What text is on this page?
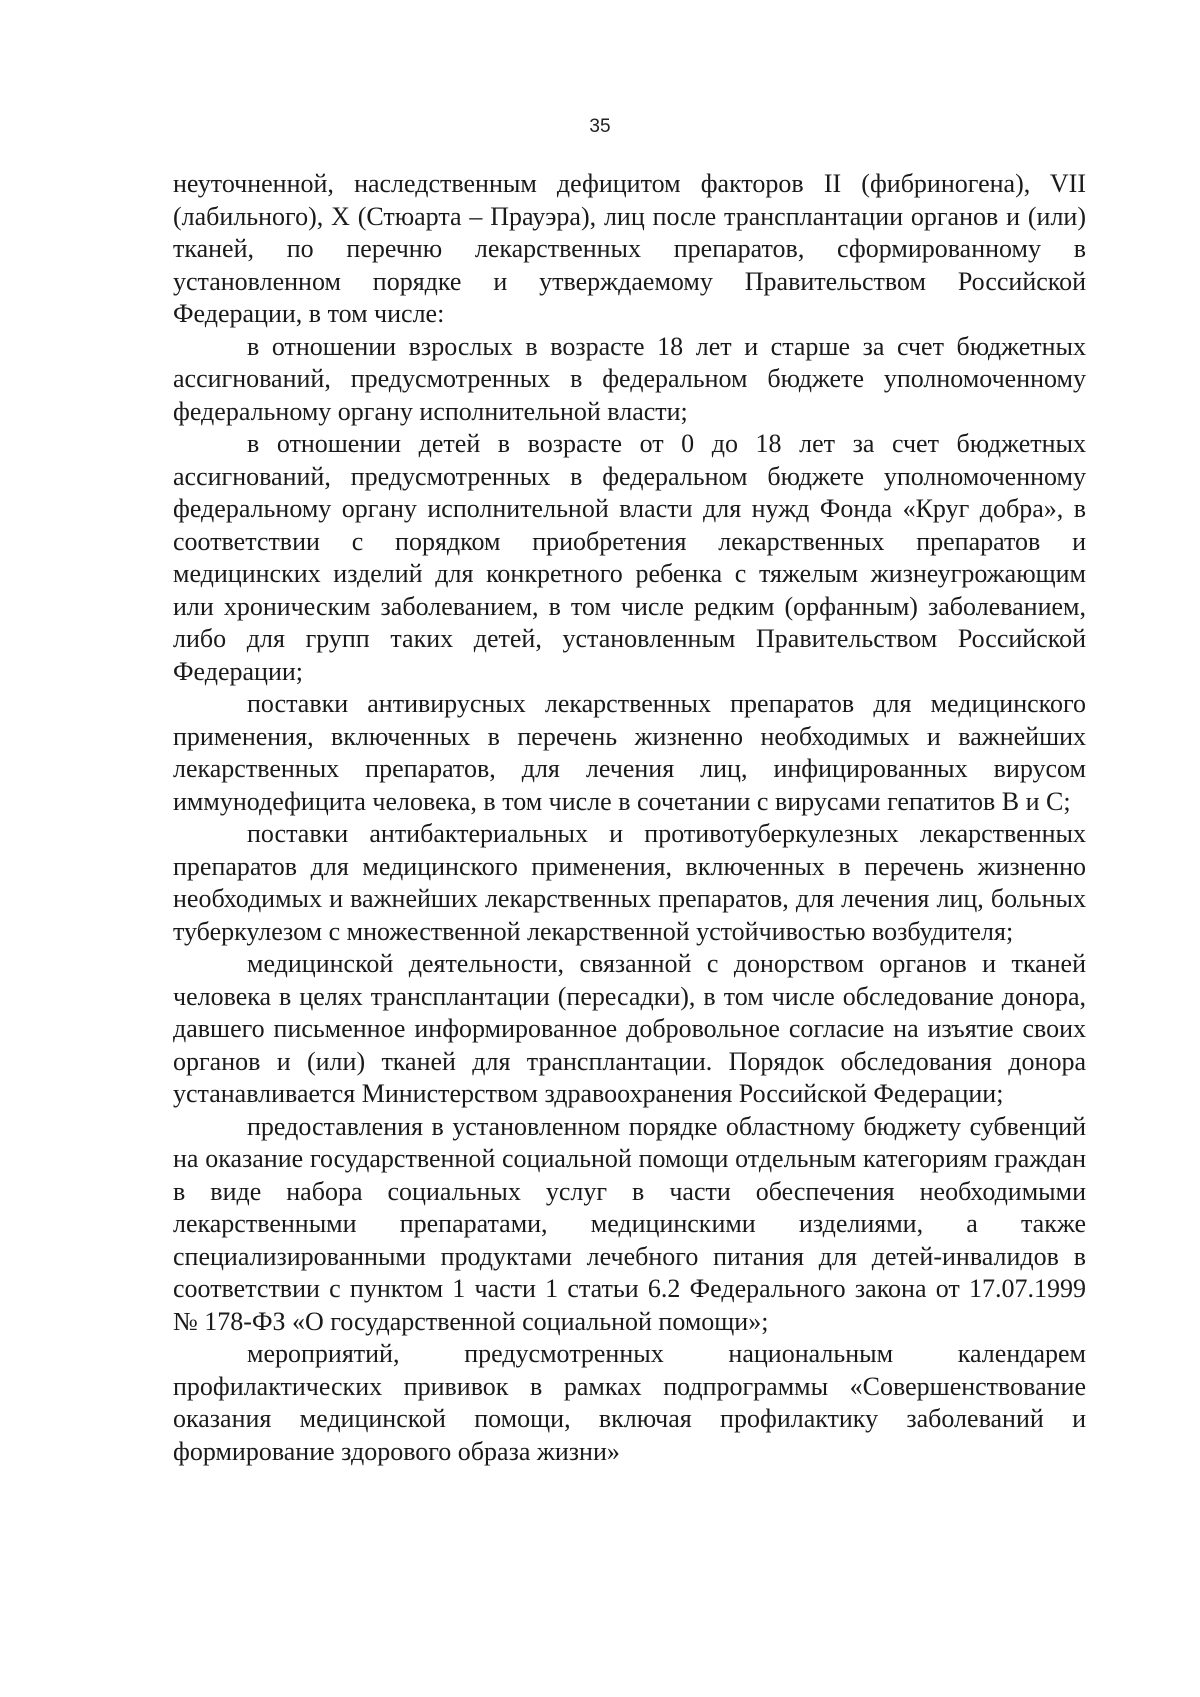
35

неуточненной, наследственным дефицитом факторов II (фибриногена), VII (лабильного), X (Стюарта – Прауэра), лиц после трансплантации органов и (или) тканей, по перечню лекарственных препаратов, сформированному в установленном порядке и утверждаемому Правительством Российской Федерации, в том числе:

в отношении взрослых в возрасте 18 лет и старше за счет бюджетных ассигнований, предусмотренных в федеральном бюджете уполномоченному федеральному органу исполнительной власти;

в отношении детей в возрасте от 0 до 18 лет за счет бюджетных ассигнований, предусмотренных в федеральном бюджете уполномоченному федеральному органу исполнительной власти для нужд Фонда «Круг добра», в соответствии с порядком приобретения лекарственных препаратов и медицинских изделий для конкретного ребенка с тяжелым жизнеугрожающим или хроническим заболеванием, в том числе редким (орфанным) заболеванием, либо для групп таких детей, установленным Правительством Российской Федерации;

поставки антивирусных лекарственных препаратов для медицинского применения, включенных в перечень жизненно необходимых и важнейших лекарственных препаратов, для лечения лиц, инфицированных вирусом иммунодефицита человека, в том числе в сочетании с вирусами гепатитов B и C;

поставки антибактериальных и противотуберкулезных лекарственных препаратов для медицинского применения, включенных в перечень жизненно необходимых и важнейших лекарственных препаратов, для лечения лиц, больных туберкулезом с множественной лекарственной устойчивостью возбудителя;

медицинской деятельности, связанной с донорством органов и тканей человека в целях трансплантации (пересадки), в том числе обследование донора, давшего письменное информированное добровольное согласие на изъятие своих органов и (или) тканей для трансплантации. Порядок обследования донора устанавливается Министерством здравоохранения Российской Федерации;

предоставления в установленном порядке областному бюджету субвенций на оказание государственной социальной помощи отдельным категориям граждан в виде набора социальных услуг в части обеспечения необходимыми лекарственными препаратами, медицинскими изделиями, а также специализированными продуктами лечебного питания для детей-инвалидов в соответствии с пунктом 1 части 1 статьи 6.2 Федерального закона от 17.07.1999 № 178-ФЗ «О государственной социальной помощи»;

мероприятий, предусмотренных национальным календарем профилактических прививок в рамках подпрограммы «Совершенствование оказания медицинской помощи, включая профилактику заболеваний и формирование здорового образа жизни»
